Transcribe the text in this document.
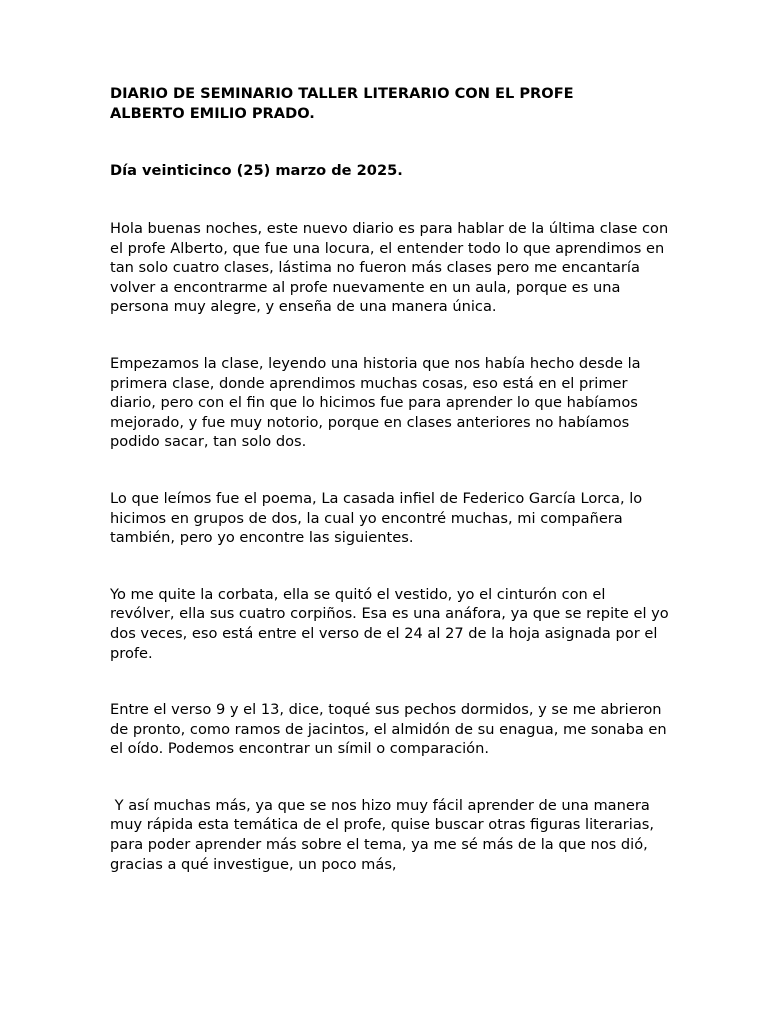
DIARIO DE SEMINARIO TALLER LITERARIO CON EL PROFE
ALBERTO EMILIO PRADO.

Día veinticinco (25) marzo de 2025.

Hola buenas noches, este nuevo diario es para hablar de la última clase con el profe Alberto, que fue una locura, el entender todo lo que aprendimos en tan solo cuatro clases, lástima no fueron más clases pero me encantaría volver a encontrarme al profe nuevamente en un aula, porque es una persona muy alegre, y enseña de una manera única.

Empezamos la clase, leyendo una historia que nos había hecho desde la primera clase, donde aprendimos muchas cosas, eso está en el primer diario, pero con el fin que lo hicimos fue para aprender lo que habíamos mejorado, y fue muy notorio, porque en clases anteriores no habíamos podido sacar, tan solo dos.

Lo que leímos fue el poema, La casada infiel de Federico García Lorca, lo hicimos en grupos de dos, la cual yo encontré muchas, mi compañera también, pero yo encontre las siguientes.

Yo me quite la corbata, ella se quitó el vestido, yo el cinturón con el revólver, ella sus cuatro corpiños. Esa es una anáfora, ya que se repite el yo dos veces, eso está entre el verso de el 24 al 27 de la hoja asignada por el profe.

Entre el verso 9 y el 13, dice, toqué sus pechos dormidos, y se me abrieron de pronto, como ramos de jacintos, el almidón de su enagua, me sonaba en el oído. Podemos encontrar un símil o comparación.

Y así muchas más, ya que se nos hizo muy fácil aprender de una manera muy rápida esta temática de el profe, quise buscar otras figuras literarias, para poder aprender más sobre el tema, ya me sé más de la que nos dió, gracias a qué investigue, un poco más,
